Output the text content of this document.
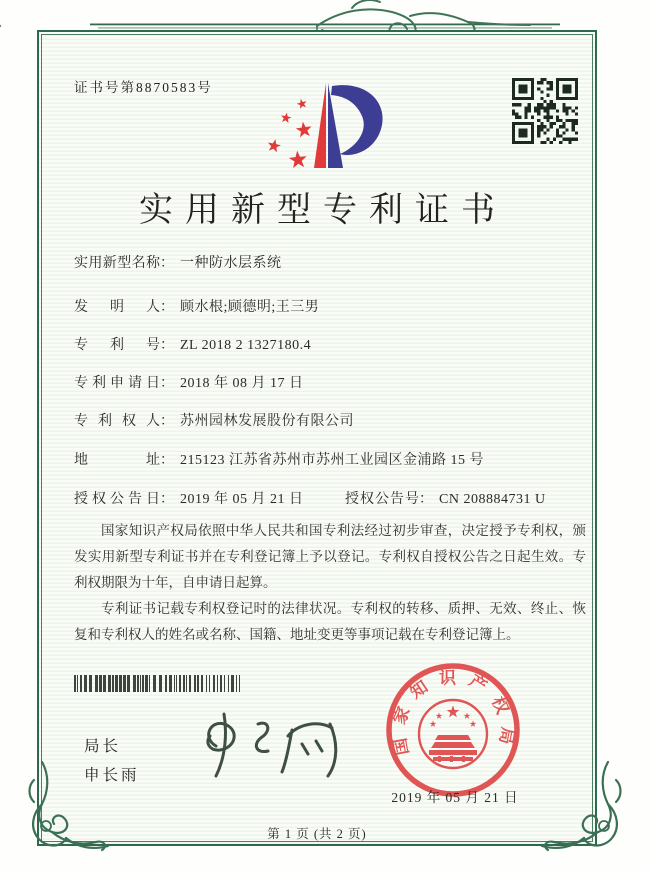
证书号第8870583号
实用新型专利证书
实用新型名称： 一种防水层系统
发明人： 顾水根;顾德明;王三男
专利号： ZL 2018 2 1327180.4
专利申请日： 2018 年 08 月 17 日
专利权人： 苏州园林发展股份有限公司
地址： 215123 江苏省苏州市苏州工业园区金浦路 15 号
授权公告日： 2019 年 05 月 21 日	授权公告号： CN 208884731 U

国家知识产权局依照中华人民共和国专利法经过初步审查，决定授予专利权，颁发实用新型专利证书并在专利登记簿上予以登记。专利权自授权公告之日起生效。专利权期限为十年，自申请日起算。

专利证书记载专利权登记时的法律状况。专利权的转移、质押、无效、终止、恢复和专利权人的姓名或名称、国籍、地址变更等事项记载在专利登记簿上。

局长
申长雨
国家知识产权局
2019 年 05 月 21 日
第 1 页 (共 2 页)
